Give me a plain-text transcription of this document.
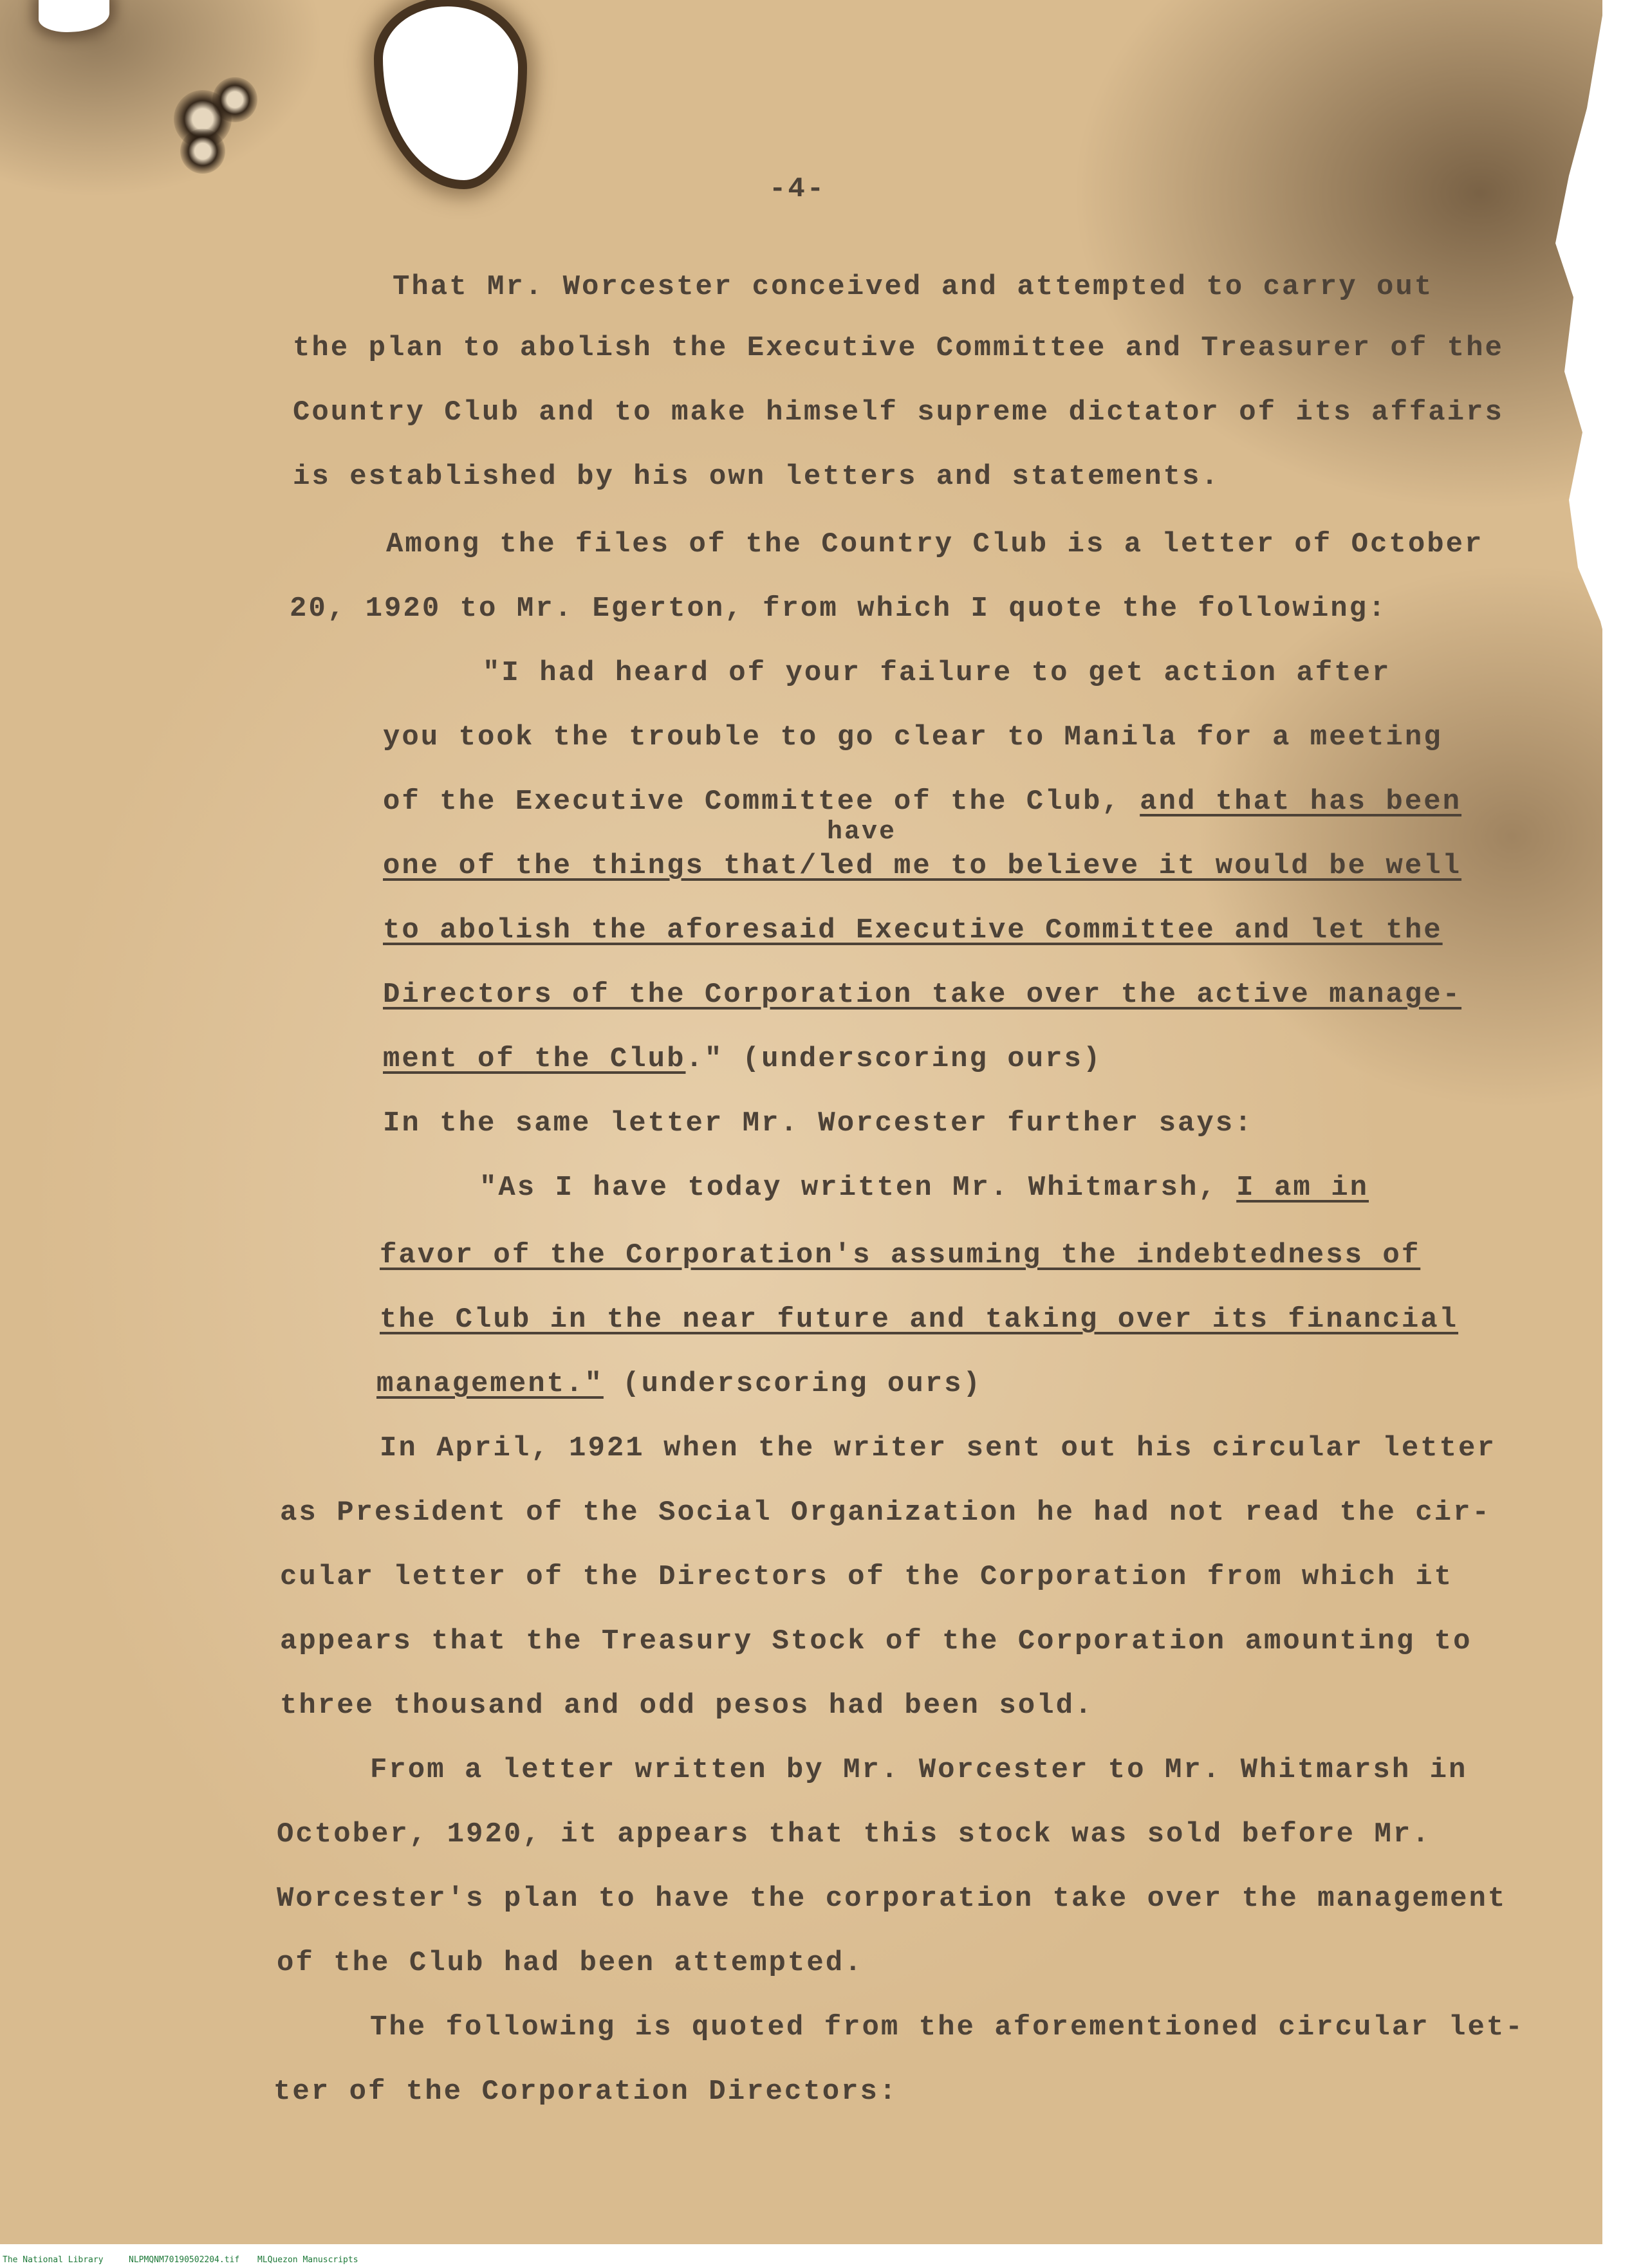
-4-
That Mr. Worcester conceived and attempted to carry out
the plan to abolish the Executive Committee and Treasurer of the
Country Club and to make himself supreme dictator of its affairs
is established by his own letters and statements.
Among the files of the Country Club is a letter of October
20, 1920 to Mr. Egerton, from which I quote the following:
"I had heard of your failure to get action after
you took the trouble to go clear to Manila for a meeting
of the Executive Committee of the Club, and that has been
have
one of the things that/led me to believe it would be well
to abolish the aforesaid Executive Committee and let the
Directors of the Corporation take over the active manage-
ment of the Club." (underscoring ours)
In the same letter Mr. Worcester further says:
"As I have today written Mr. Whitmarsh, I am in
favor of the Corporation's assuming the indebtedness of
the Club in the near future and taking over its financial
management." (underscoring ours)
In April, 1921 when the writer sent out his circular letter
as President of the Social Organization he had not read the cir-
cular letter of the Directors of the Corporation from which it
appears that the Treasury Stock of the Corporation amounting to
three thousand and odd pesos had been sold.
From a letter written by Mr. Worcester to Mr. Whitmarsh in
October, 1920, it appears that this stock was sold before Mr.
Worcester's plan to have the corporation take over the management
of the Club had been attempted.
The following is quoted from the aforementioned circular let-
ter of the Corporation Directors:
The National Library	NLPMQNM70190502204.tif MLQuezon Manuscripts
